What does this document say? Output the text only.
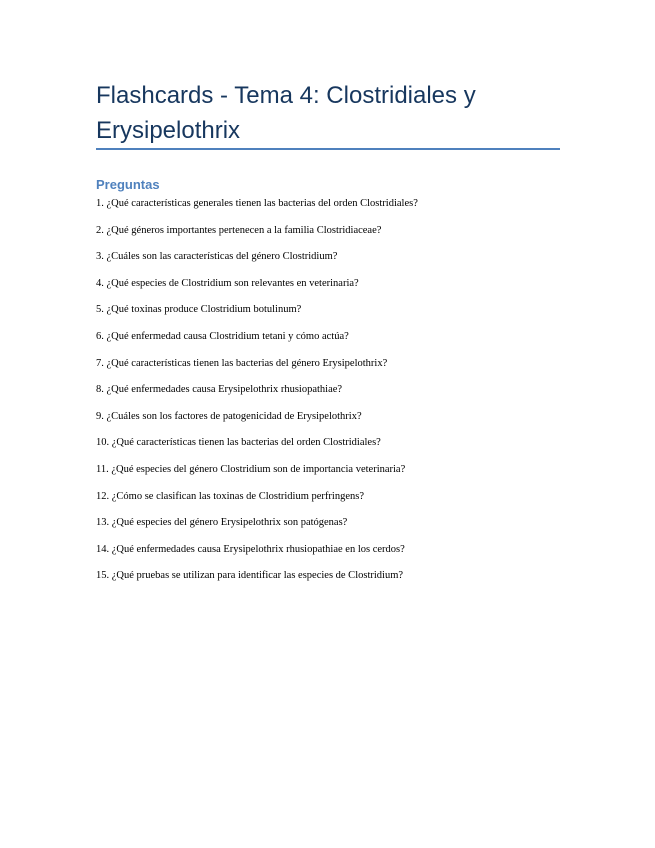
Flashcards - Tema 4: Clostridiales y
Erysipelothrix
Preguntas
1. ¿Qué características generales tienen las bacterias del orden Clostridiales?
2. ¿Qué géneros importantes pertenecen a la familia Clostridiaceae?
3. ¿Cuáles son las características del género Clostridium?
4. ¿Qué especies de Clostridium son relevantes en veterinaria?
5. ¿Qué toxinas produce Clostridium botulinum?
6. ¿Qué enfermedad causa Clostridium tetani y cómo actúa?
7. ¿Qué características tienen las bacterias del género Erysipelothrix?
8. ¿Qué enfermedades causa Erysipelothrix rhusiopathiae?
9. ¿Cuáles son los factores de patogenicidad de Erysipelothrix?
10. ¿Qué características tienen las bacterias del orden Clostridiales?
11. ¿Qué especies del género Clostridium son de importancia veterinaria?
12. ¿Cómo se clasifican las toxinas de Clostridium perfringens?
13. ¿Qué especies del género Erysipelothrix son patógenas?
14. ¿Qué enfermedades causa Erysipelothrix rhusiopathiae en los cerdos?
15. ¿Qué pruebas se utilizan para identificar las especies de Clostridium?
